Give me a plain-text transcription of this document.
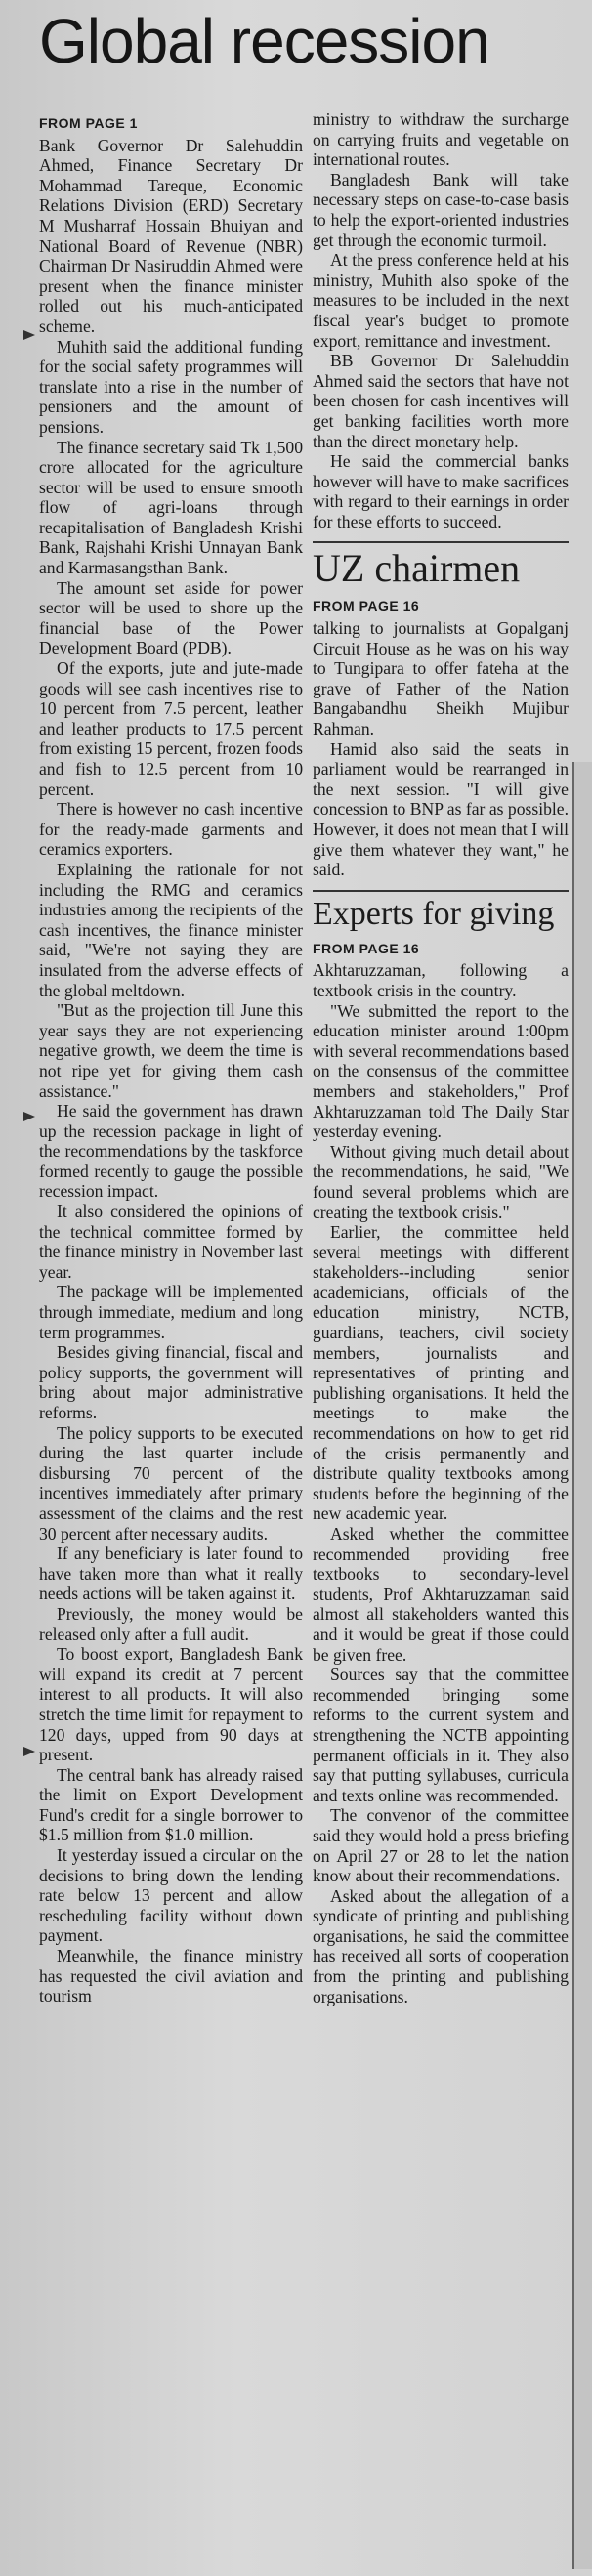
Global recession
FROM PAGE 1

Bank Governor Dr Salehuddin Ahmed, Finance Secretary Dr Mohammad Tareque, Economic Relations Division (ERD) Secretary M Musharraf Hossain Bhuiyan and National Board of Revenue (NBR) Chairman Dr Nasiruddin Ahmed were present when the finance minister rolled out his much-anticipated scheme.

Muhith said the additional funding for the social safety programmes will translate into a rise in the number of pensioners and the amount of pensions.

The finance secretary said Tk 1,500 crore allocated for the agriculture sector will be used to ensure smooth flow of agri-loans through recapitalisation of Bangladesh Krishi Bank, Rajshahi Krishi Unnayan Bank and Karmasangsthan Bank.

The amount set aside for power sector will be used to shore up the financial base of the Power Development Board (PDB).

Of the exports, jute and jute-made goods will see cash incentives rise to 10 percent from 7.5 percent, leather and leather products to 17.5 percent from existing 15 percent, frozen foods and fish to 12.5 percent from 10 percent.

There is however no cash incentive for the ready-made garments and ceramics exporters.

Explaining the rationale for not including the RMG and ceramics industries among the recipients of the cash incentives, the finance minister said, "We're not saying they are insulated from the adverse effects of the global meltdown.

"But as the projection till June this year says they are not experiencing negative growth, we deem the time is not ripe yet for giving them cash assistance."

He said the government has drawn up the recession package in light of the recommendations by the taskforce formed recently to gauge the possible recession impact.

It also considered the opinions of the technical committee formed by the finance ministry in November last year.

The package will be implemented through immediate, medium and long term programmes.

Besides giving financial, fiscal and policy supports, the government will bring about major administrative reforms.

The policy supports to be executed during the last quarter include disbursing 70 percent of the incentives immediately after primary assessment of the claims and the rest 30 percent after necessary audits.

If any beneficiary is later found to have taken more than what it really needs actions will be taken against it.

Previously, the money would be released only after a full audit.

To boost export, Bangladesh Bank will expand its credit at 7 percent interest to all products. It will also stretch the time limit for repayment to 120 days, upped from 90 days at present.

The central bank has already raised the limit on Export Development Fund's credit for a single borrower to $1.5 million from $1.0 million.

It yesterday issued a circular on the decisions to bring down the lending rate below 13 percent and allow rescheduling facility without down payment.

Meanwhile, the finance ministry has requested the civil aviation and tourism

ministry to withdraw the surcharge on carrying fruits and vegetable on international routes.

Bangladesh Bank will take necessary steps on case-to-case basis to help the export-oriented industries get through the economic turmoil.

At the press conference held at his ministry, Muhith also spoke of the measures to be included in the next fiscal year's budget to promote export, remittance and investment.

BB Governor Dr Salehuddin Ahmed said the sectors that have not been chosen for cash incentives will get banking facilities worth more than the direct monetary help.

He said the commercial banks however will have to make sacrifices with regard to their earnings in order for these efforts to succeed.

UZ chairmen
FROM PAGE 16

talking to journalists at Gopalganj Circuit House as he was on his way to Tungipara to offer fateha at the grave of Father of the Nation Bangabandhu Sheikh Mujibur Rahman.

Hamid also said the seats in parliament would be rearranged in the next session. "I will give concession to BNP as far as possible. However, it does not mean that I will give them whatever they want," he said.

Experts for giving
FROM PAGE 16

Akhtaruzzaman, following a textbook crisis in the country.

"We submitted the report to the education minister around 1:00pm with several recommendations based on the consensus of the committee members and stakeholders," Prof Akhtaruzzaman told The Daily Star yesterday evening.

Without giving much detail about the recommendations, he said, "We found several problems which are creating the textbook crisis."

Earlier, the committee held several meetings with different stakeholders--including senior academicians, officials of the education ministry, NCTB, guardians, teachers, civil society members, journalists and representatives of printing and publishing organisations. It held the meetings to make the recommendations on how to get rid of the crisis permanently and distribute quality textbooks among students before the beginning of the new academic year.

Asked whether the committee recommended providing free textbooks to secondary-level students, Prof Akhtaruzzaman said almost all stakeholders wanted this and it would be great if those could be given free.

Sources say that the committee recommended bringing some reforms to the current system and strengthening the NCTB appointing permanent officials in it. They also say that putting syllabuses, curricula and texts online was recommended.

The convenor of the committee said they would hold a press briefing on April 27 or 28 to let the nation know about their recommendations.

Asked about the allegation of a syndicate of printing and publishing organisations, he said the committee has received all sorts of cooperation from the printing and publishing organisations.
